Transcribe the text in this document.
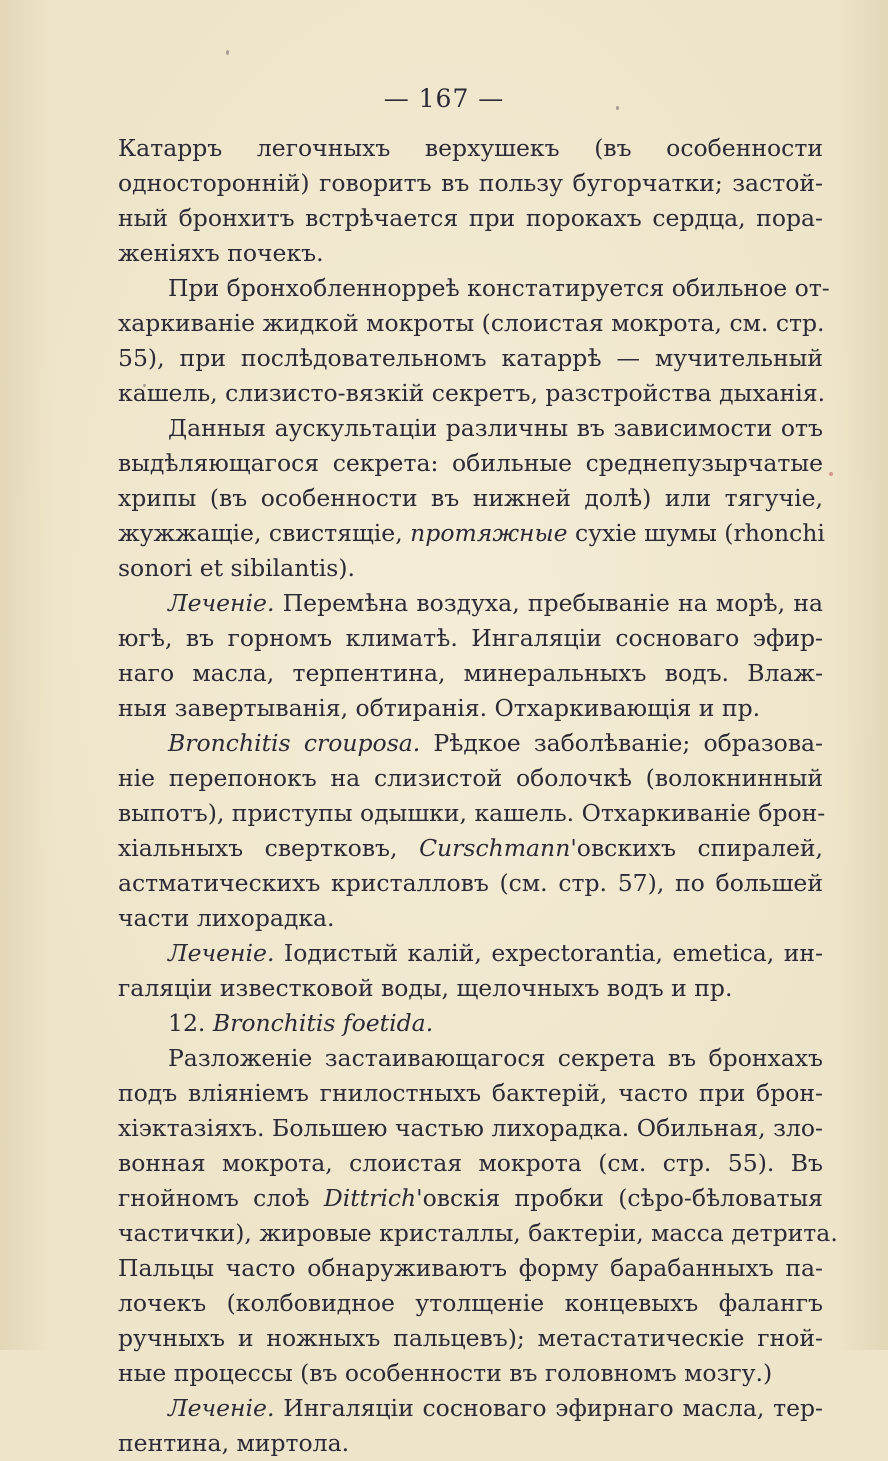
— 167 —
Катарръ легочныхъ верхушекъ (въ особенности
односторонній) говоритъ въ пользу бугорчатки; застой-
ный бронхитъ встрѣчается при порокахъ сердца, пора-
женіяхъ почекъ.
При бронхобленнорреѣ констатируется обильное от-
харкиваніе жидкой мокроты (слоистая мокрота, см. стр.
55), при послѣдовательномъ катаррѣ — мучительный
кашель, слизисто-вязкій секретъ, разстройства дыханія.
Данныя аускультаціи различны въ зависимости отъ
выдѣляющагося секрета: обильные среднепузырчатые
хрипы (въ особенности въ нижней долѣ) или тягучіе,
жужжащіе, свистящіе, протяжные сухіе шумы (rhonchi
sonori et sibilantis).
Леченіе. Перемѣна воздуха, пребываніе на морѣ, на
югѣ, въ горномъ климатѣ. Ингаляціи сосноваго эфир-
наго масла, терпентина, минеральныхъ водъ. Влаж-
ныя завертыванія, обтиранія. Отхаркивающія и пр.
Bronchitis crouposa. Рѣдкое заболѣваніе; образова-
ніе перепонокъ на слизистой оболочкѣ (волокнинный
выпотъ), приступы одышки, кашель. Отхаркиваніе брон-
хіальныхъ свертковъ, Curschmann'овскихъ спиралей,
астматическихъ кристалловъ (см. стр. 57), по большей
части лихорадка.
Леченіе. Іодистый калій, expectorantia, emetica, ин-
галяціи известковой воды, щелочныхъ водъ и пр.
12. Bronchitis foetida.
Разложеніе застаивающагося секрета въ бронхахъ
подъ вліяніемъ гнилостныхъ бактерій, часто при брон-
хіэктазіяхъ. Большею частью лихорадка. Обильная, зло-
вонная мокрота, слоистая мокрота (см. стр. 55). Въ
гнойномъ слоѣ Dittrich'овскія пробки (сѣро-бѣловатыя
частички), жировые кристаллы, бактеріи, масса детрита.
Пальцы часто обнаруживаютъ форму барабанныхъ па-
лочекъ (колбовидное утолщеніе концевыхъ фалангъ
ручныхъ и ножныхъ пальцевъ); метастатическіе гной-
ные процессы (въ особенности въ головномъ мозгу.)
Леченіе. Ингаляціи сосноваго эфирнаго масла, тер-
пентина, миртола.
